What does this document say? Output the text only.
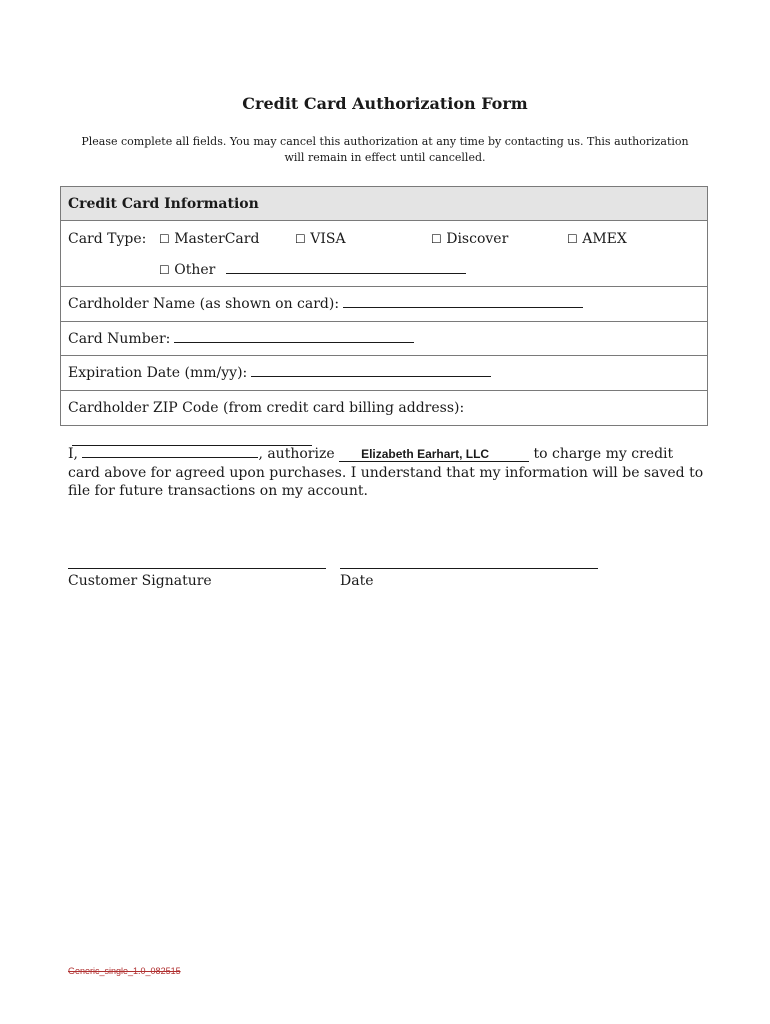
Credit Card Authorization Form

Please complete all fields. You may cancel this authorization at any time by contacting us. This authorization will remain in effect until cancelled.

Credit Card Information
Card Type: ☐ MasterCard	☐ VISA	☐ Discover	☐ AMEX
☐ Other
Cardholder Name (as shown on card):
Card Number:
Expiration Date (mm/yy):
Cardholder ZIP Code (from credit card billing address):

I,	, authorize Elizabeth Earhart, LLC	to charge my credit card above for agreed upon purchases. I understand that my information will be saved to file for future transactions on my account.

Customer Signature	Date
Generic_single_1.0_082515
